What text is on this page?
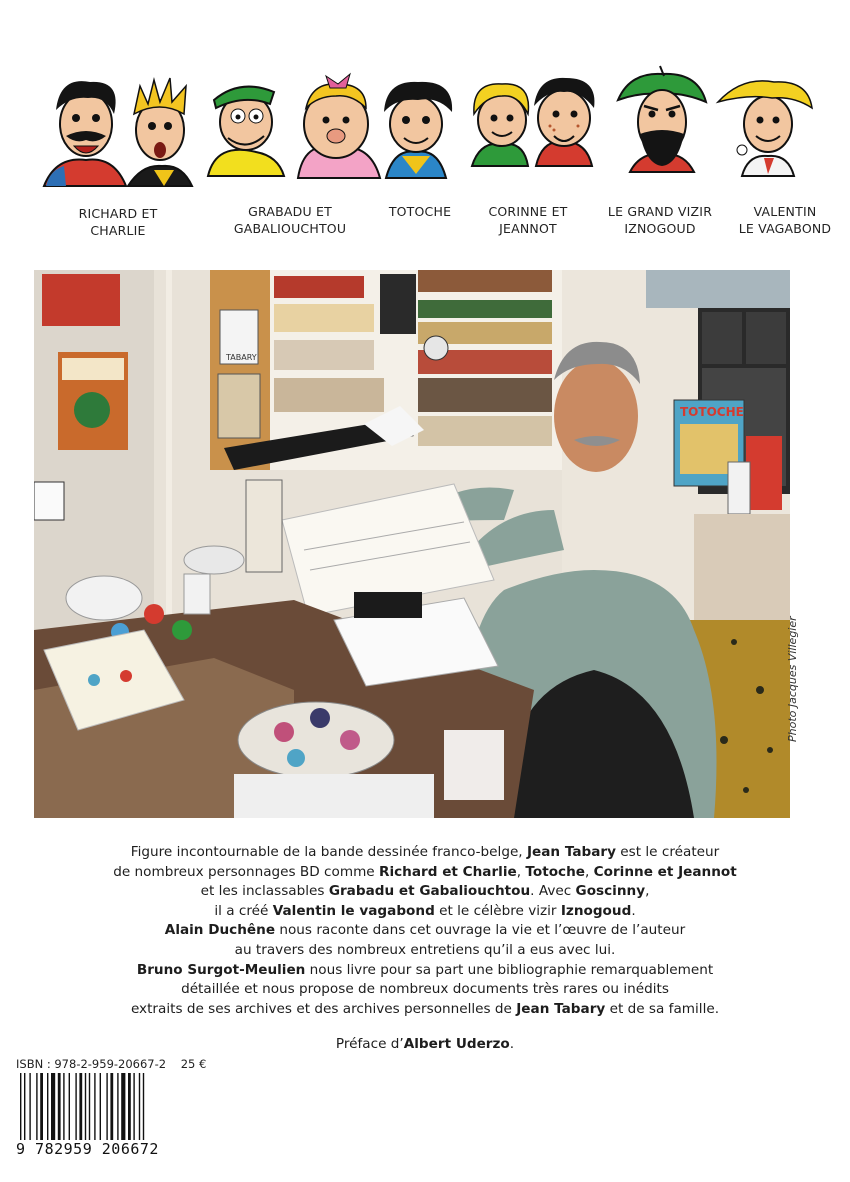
RICHARD ET
CHARLIE
GRABADU ET
GABALIOUCHTOU
TOTOCHE	CORINNE ET
JEANNOT
LE GRAND VIZIR
IZNOGOUD
VALENTIN
LE VAGABOND
TABARY
TOTOCHE
Photo Jacques Villegier
Figure incontournable de la bande dessinée franco-belge, Jean Tabary est le créateur
de nombreux personnages BD comme Richard et Charlie, Totoche, Corinne et Jeannot
et les inclassables Grabadu et Gabaliouchtou. Avec Goscinny,
il a créé Valentin le vagabond et le célèbre vizir Iznogoud.
Alain Duchêne nous raconte dans cet ouvrage la vie et l’œuvre de l’auteur
au travers des nombreux entretiens qu’il a eus avec lui.
Bruno Surgot-Meulien nous livre pour sa part une bibliographie remarquablement
détaillée et nous propose de nombreux documents très rares ou inédits
extraits de ses archives et des archives personnelles de Jean Tabary et de sa famille.
Préface d’Albert Uderzo.
ISBN : 978-2-959-20667-2 25 €
9 782959 206672
